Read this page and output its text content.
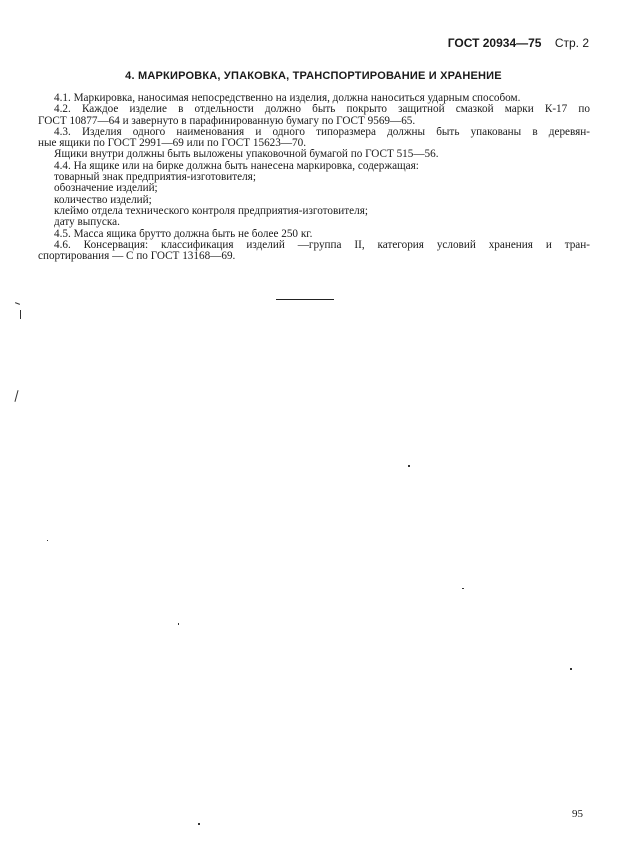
ГОСТ 20934—75 Стр. 2
4. МАРКИРОВКА, УПАКОВКА, ТРАНСПОРТИРОВАНИЕ И ХРАНЕНИЕ
4.1. Маркировка, наносимая непосредственно на изделия, должна наноситься ударным способом.
4.2. Каждое изделие в отдельности должно быть покрыто защитной смазкой марки К-17 по
ГОСТ 10877—64 и завернуто в парафинированную бумагу по ГОСТ 9569—65.
4.3. Изделия одного наименования и одного типоразмера должны быть упакованы в деревян-
ные ящики по ГОСТ 2991—69 или по ГОСТ 15623—70.
Ящики внутри должны быть выложены упаковочной бумагой по ГОСТ 515—56.
4.4. На ящике или на бирке должна быть нанесена маркировка, содержащая:
товарный знак предприятия-изготовителя;
обозначение изделий;
количество изделий;
клеймо отдела технического контроля предприятия-изготовителя;
дату выпуска.
4.5. Масса ящика брутто должна быть не более 250 кг.
4.6. Консервация: классификация изделий —группа II, категория условий хранения и тран-
спортирования — С по ГОСТ 13168—69.
95
